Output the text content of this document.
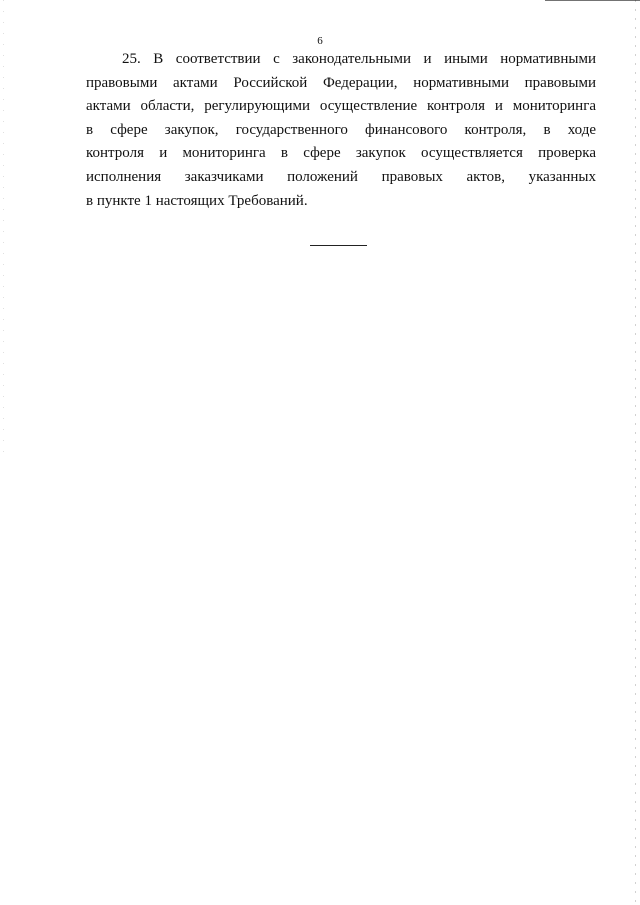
6

25. В соответствии с законодательными и иными нормативными
правовыми актами Российской Федерации, нормативными правовыми
актами области, регулирующими осуществление контроля и мониторинга
в сфере закупок, государственного финансового контроля, в ходе
контроля и мониторинга в сфере закупок осуществляется проверка
исполнения заказчиками положений правовых актов, указанных
в пункте 1 настоящих Требований.
